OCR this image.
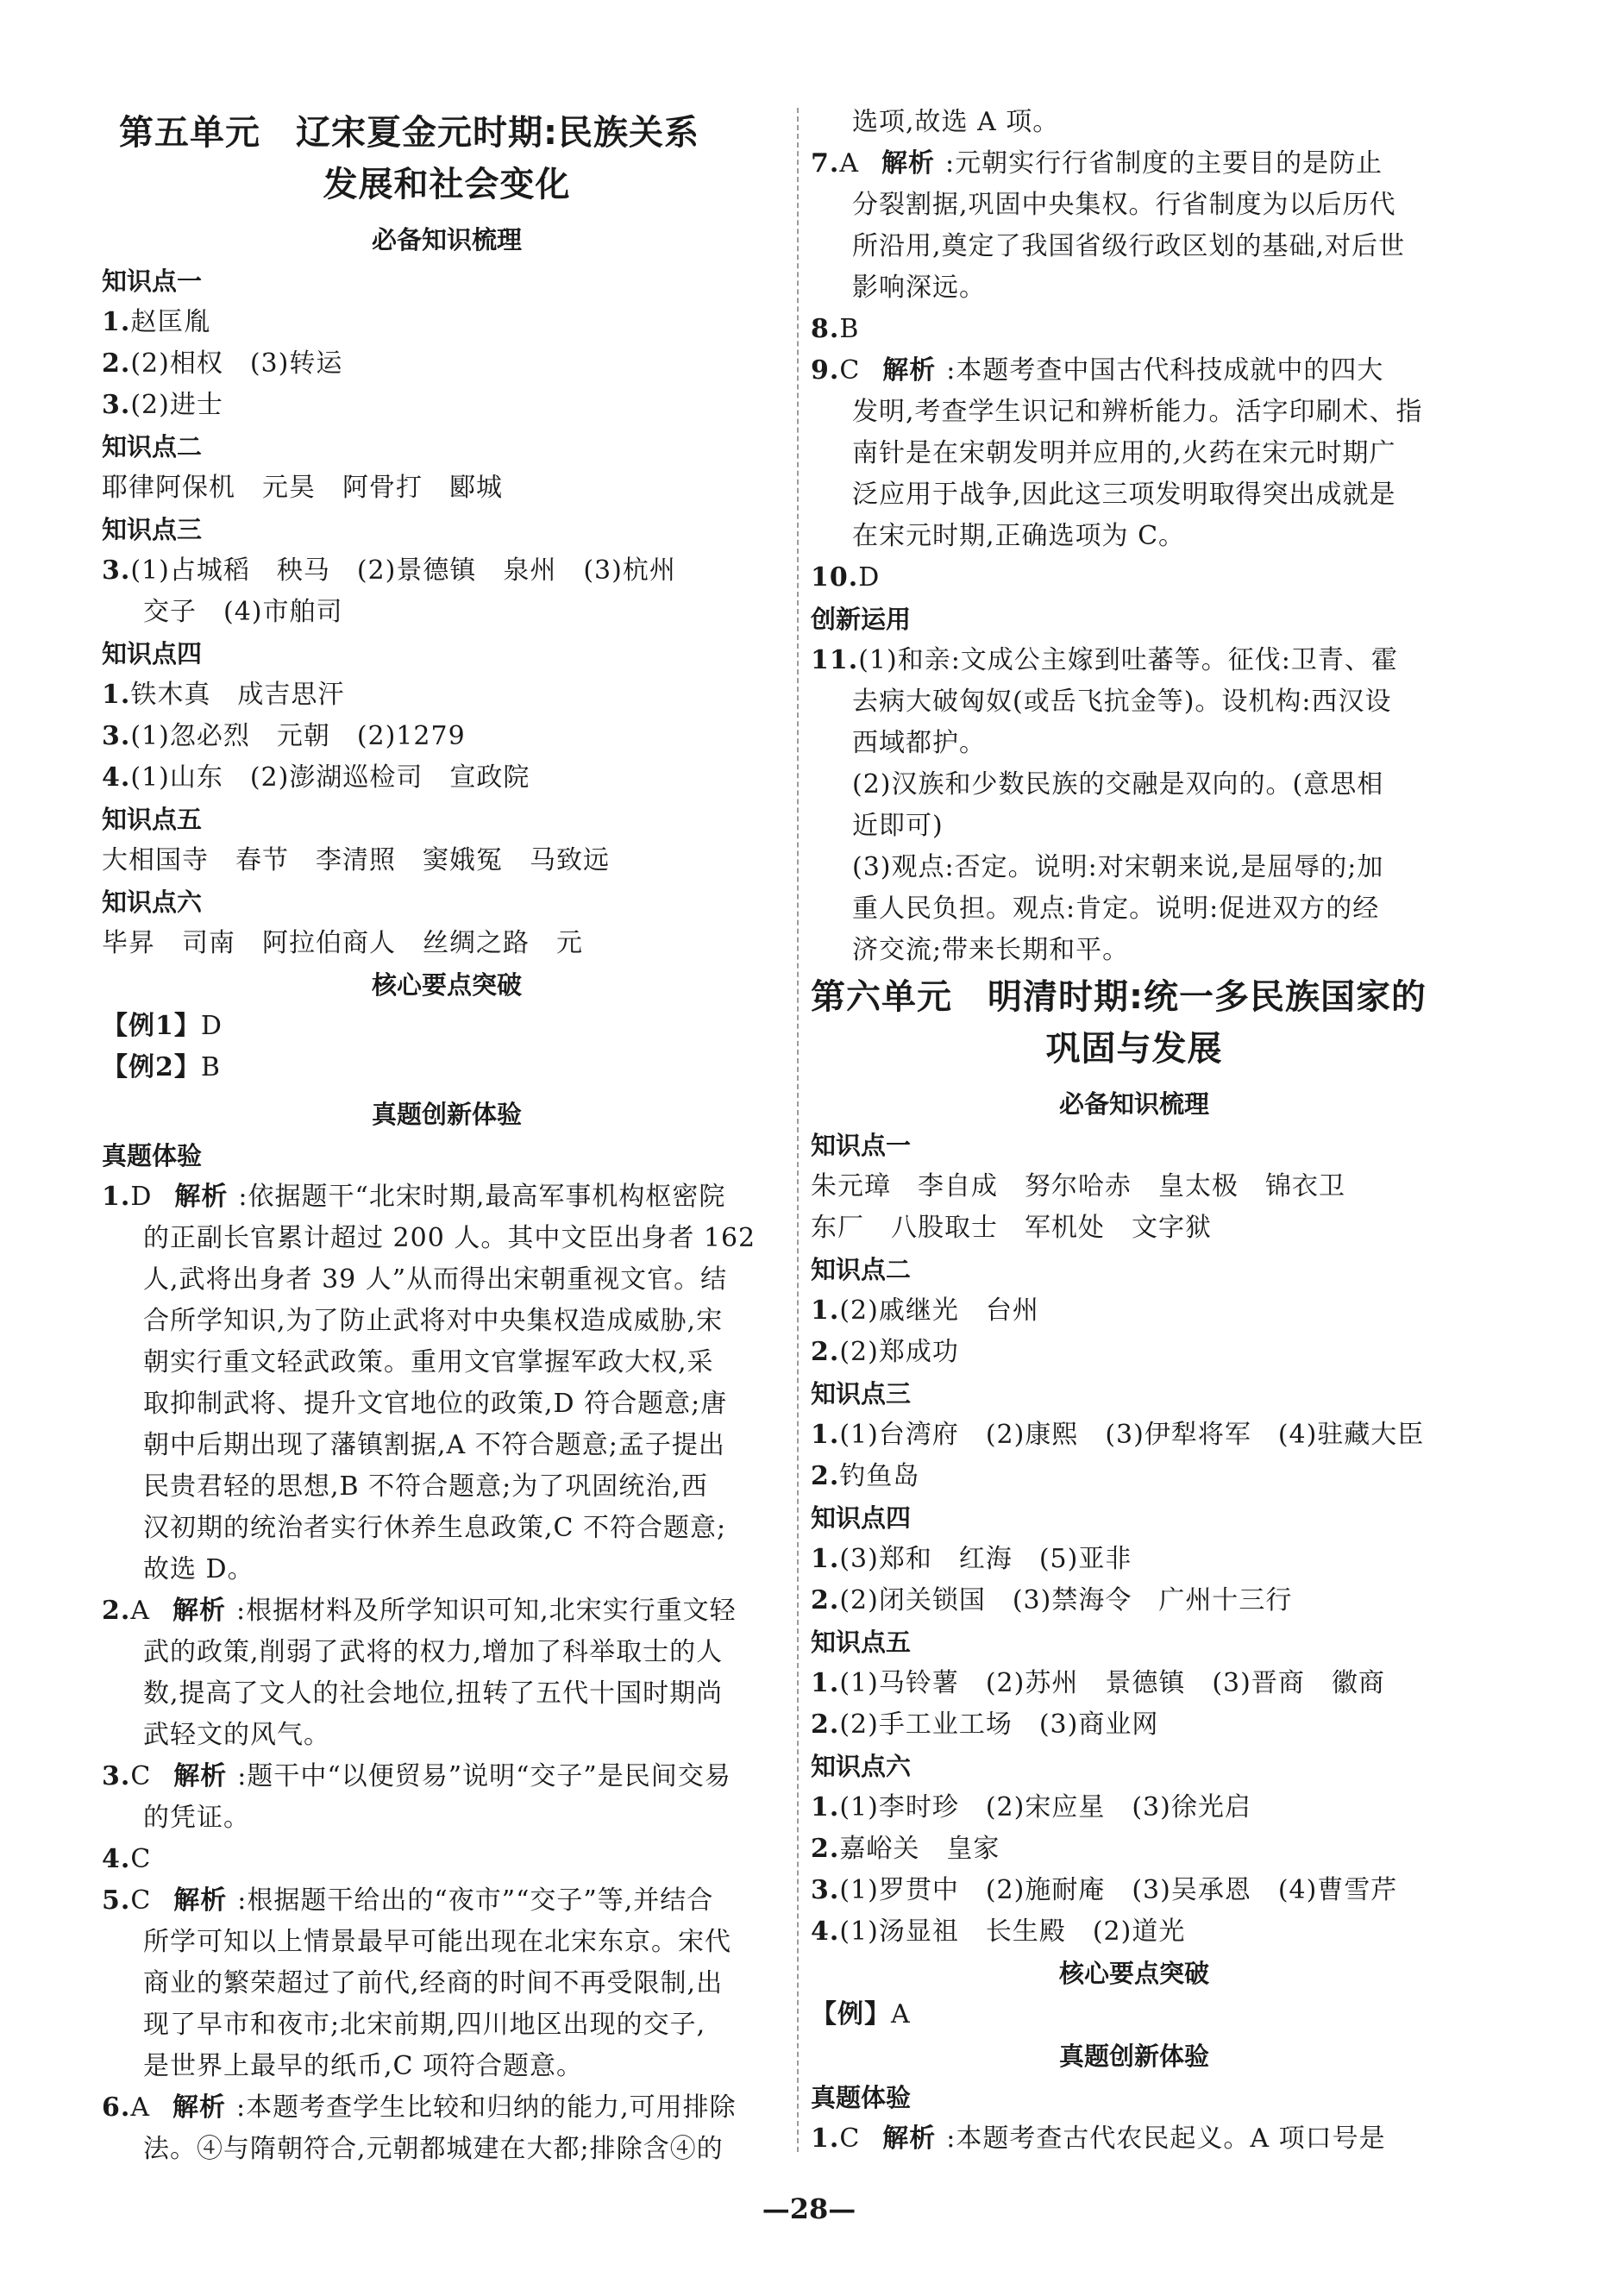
第五单元　辽宋夏金元时期:民族关系
发展和社会变化
必备知识梳理
知识点一
1.赵匡胤
2.(2)相权　(3)转运
3.(2)进士
知识点二
耶律阿保机　元昊　阿骨打　郾城
知识点三
3.(1)占城稻　秧马　(2)景德镇　泉州　(3)杭州
交子　(4)市舶司
知识点四
1.铁木真　成吉思汗
3.(1)忽必烈　元朝　(2)1279
4.(1)山东　(2)澎湖巡检司　宣政院
知识点五
大相国寺　春节　李清照　窦娥冤　马致远
知识点六
毕昇　司南　阿拉伯商人　丝绸之路　元
核心要点突破
【例1】D
【例2】B
真题创新体验
真题体验
1.D 解析 :依据题干“北宋时期,最高军事机构枢密院
的正副长官累计超过 200 人。其中文臣出身者 162
人,武将出身者 39 人”从而得出宋朝重视文官。结
合所学知识,为了防止武将对中央集权造成威胁,宋
朝实行重文轻武政策。重用文官掌握军政大权,采
取抑制武将、提升文官地位的政策,D 符合题意;唐
朝中后期出现了藩镇割据,A 不符合题意;孟子提出
民贵君轻的思想,B 不符合题意;为了巩固统治,西
汉初期的统治者实行休养生息政策,C 不符合题意;
故选 D。
2.A 解析 :根据材料及所学知识可知,北宋实行重文轻
武的政策,削弱了武将的权力,增加了科举取士的人
数,提高了文人的社会地位,扭转了五代十国时期尚
武轻文的风气。
3.C 解析 :题干中“以便贸易”说明“交子”是民间交易
的凭证。
4.C
5.C 解析 :根据题干给出的“夜市”“交子”等,并结合
所学可知以上情景最早可能出现在北宋东京。宋代
商业的繁荣超过了前代,经商的时间不再受限制,出
现了早市和夜市;北宋前期,四川地区出现的交子,
是世界上最早的纸币,C 项符合题意。
6.A 解析 :本题考查学生比较和归纳的能力,可用排除
法。④与隋朝符合,元朝都城建在大都;排除含④的
选项,故选 A 项。
7.A 解析 :元朝实行行省制度的主要目的是防止
分裂割据,巩固中央集权。行省制度为以后历代
所沿用,奠定了我国省级行政区划的基础,对后世
影响深远。
8.B
9.C 解析 :本题考查中国古代科技成就中的四大
发明,考查学生识记和辨析能力。活字印刷术、指
南针是在宋朝发明并应用的,火药在宋元时期广
泛应用于战争,因此这三项发明取得突出成就是
在宋元时期,正确选项为 C。
10.D
创新运用
11.(1)和亲:文成公主嫁到吐蕃等。征伐:卫青、霍
去病大破匈奴(或岳飞抗金等)。设机构:西汉设
西域都护。
(2)汉族和少数民族的交融是双向的。(意思相
近即可)
(3)观点:否定。说明:对宋朝来说,是屈辱的;加
重人民负担。观点:肯定。说明:促进双方的经
济交流;带来长期和平。
第六单元　明清时期:统一多民族国家的
巩固与发展
必备知识梳理
知识点一
朱元璋　李自成　努尔哈赤　皇太极　锦衣卫
东厂　八股取士　军机处　文字狱
知识点二
1.(2)戚继光　台州
2.(2)郑成功
知识点三
1.(1)台湾府　(2)康熙　(3)伊犁将军　(4)驻藏大臣
2.钓鱼岛
知识点四
1.(3)郑和　红海　(5)亚非
2.(2)闭关锁国　(3)禁海令　广州十三行
知识点五
1.(1)马铃薯　(2)苏州　景德镇　(3)晋商　徽商
2.(2)手工业工场　(3)商业网
知识点六
1.(1)李时珍　(2)宋应星　(3)徐光启
2.嘉峪关　皇家
3.(1)罗贯中　(2)施耐庵　(3)吴承恩　(4)曹雪芹
4.(1)汤显祖　长生殿　(2)道光
核心要点突破
【例】A
真题创新体验
真题体验
1.C 解析 :本题考查古代农民起义。A 项口号是
—28—
